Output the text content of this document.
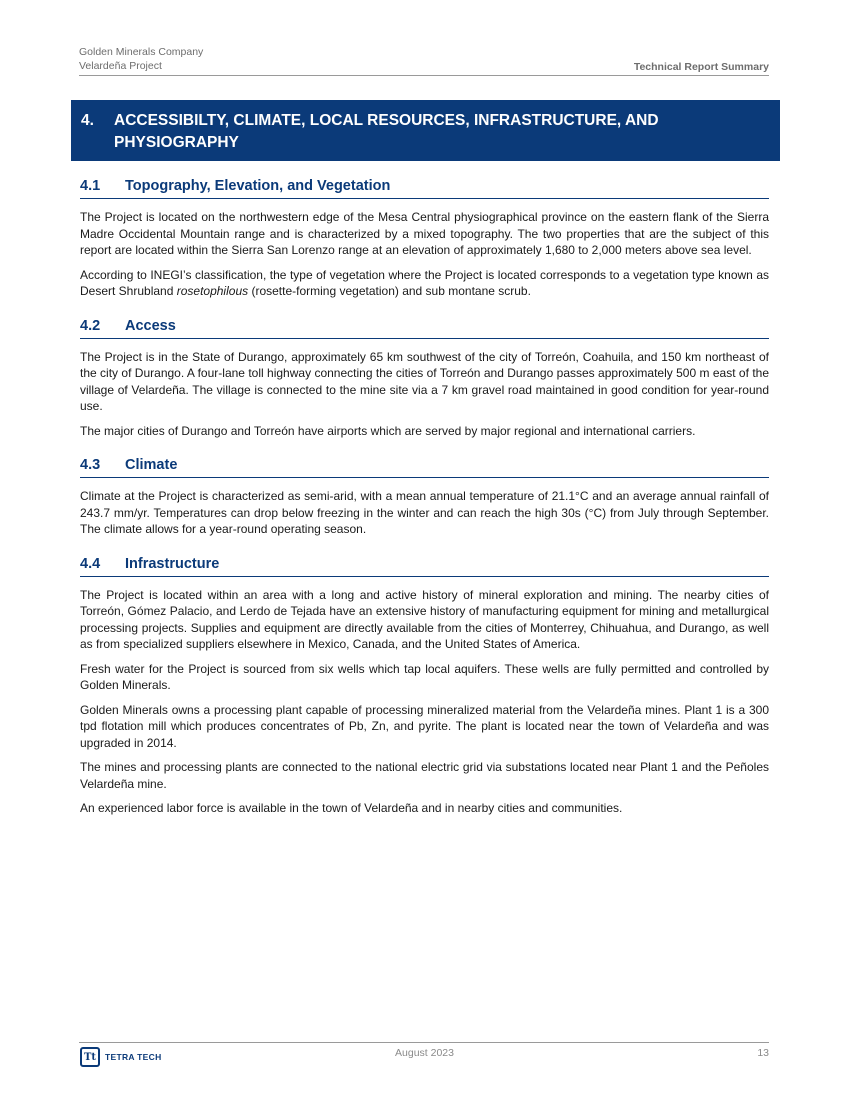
Golden Minerals Company
Velardeña Project	Technical Report Summary
4.	ACCESSIBILTY, CLIMATE, LOCAL RESOURCES, INFRASTRUCTURE, AND PHYSIOGRAPHY
4.1	Topography, Elevation, and Vegetation

The Project is located on the northwestern edge of the Mesa Central physiographical province on the eastern flank of the Sierra Madre Occidental Mountain range and is characterized by a mixed topography. The two properties that are the subject of this report are located within the Sierra San Lorenzo range at an elevation of approximately 1,680 to 2,000 meters above sea level.

According to INEGI’s classification, the type of vegetation where the Project is located corresponds to a vegetation type known as Desert Shrubland rosetophilous (rosette-forming vegetation) and sub montane scrub.

4.2	Access

The Project is in the State of Durango, approximately 65 km southwest of the city of Torreón, Coahuila, and 150 km northeast of the city of Durango. A four-lane toll highway connecting the cities of Torreón and Durango passes approximately 500 m east of the village of Velardeña. The village is connected to the mine site via a 7 km gravel road maintained in good condition for year-round use.

The major cities of Durango and Torreón have airports which are served by major regional and international carriers.

4.3	Climate

Climate at the Project is characterized as semi-arid, with a mean annual temperature of 21.1°C and an average annual rainfall of 243.7 mm/yr. Temperatures can drop below freezing in the winter and can reach the high 30s (°C) from July through September. The climate allows for a year-round operating season.

4.4	Infrastructure

The Project is located within an area with a long and active history of mineral exploration and mining. The nearby cities of Torreón, Gómez Palacio, and Lerdo de Tejada have an extensive history of manufacturing equipment for mining and metallurgical processing projects. Supplies and equipment are directly available from the cities of Monterrey, Chihuahua, and Durango, as well as from specialized suppliers elsewhere in Mexico, Canada, and the United States of America.

Fresh water for the Project is sourced from six wells which tap local aquifers. These wells are fully permitted and controlled by Golden Minerals.

Golden Minerals owns a processing plant capable of processing mineralized material from the Velardeña mines. Plant 1 is a 300 tpd flotation mill which produces concentrates of Pb, Zn, and pyrite. The plant is located near the town of Velardeña and was upgraded in 2014.

The mines and processing plants are connected to the national electric grid via substations located near Plant 1 and the Peñoles Velardeña mine.

An experienced labor force is available in the town of Velardeña and in nearby cities and communities.

Tt	TETRA TECH	August 2023	13
